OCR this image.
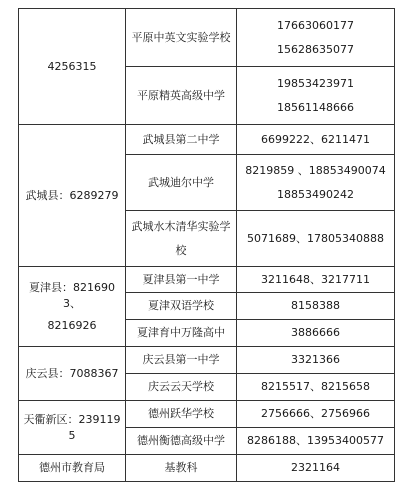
4256315	平原中英文实验学校	17663060177
15628635077

	平原精英高级中学	19853423971
18561148666

武城县：6289279	武城县第二中学	6699222、6211471
	武城迪尔中学	8219859 、18853490074
18853490242

	武城水木清华实验学
校	5071689、17805340888

夏津县：8216903、
8216926	夏津县第一中学	3211648、3217711
	夏津双语学校	8158388
	夏津育中万隆高中	3886666
庆云县：7088367	庆云县第一中学	3321366
	庆云云天学校	8215517、8215658
天衢新区：2391195	德州跃华学校	2756666、2756966
	德州衡德高级中学	8286188、13953400577
德州市教育局	基教科	2321164
